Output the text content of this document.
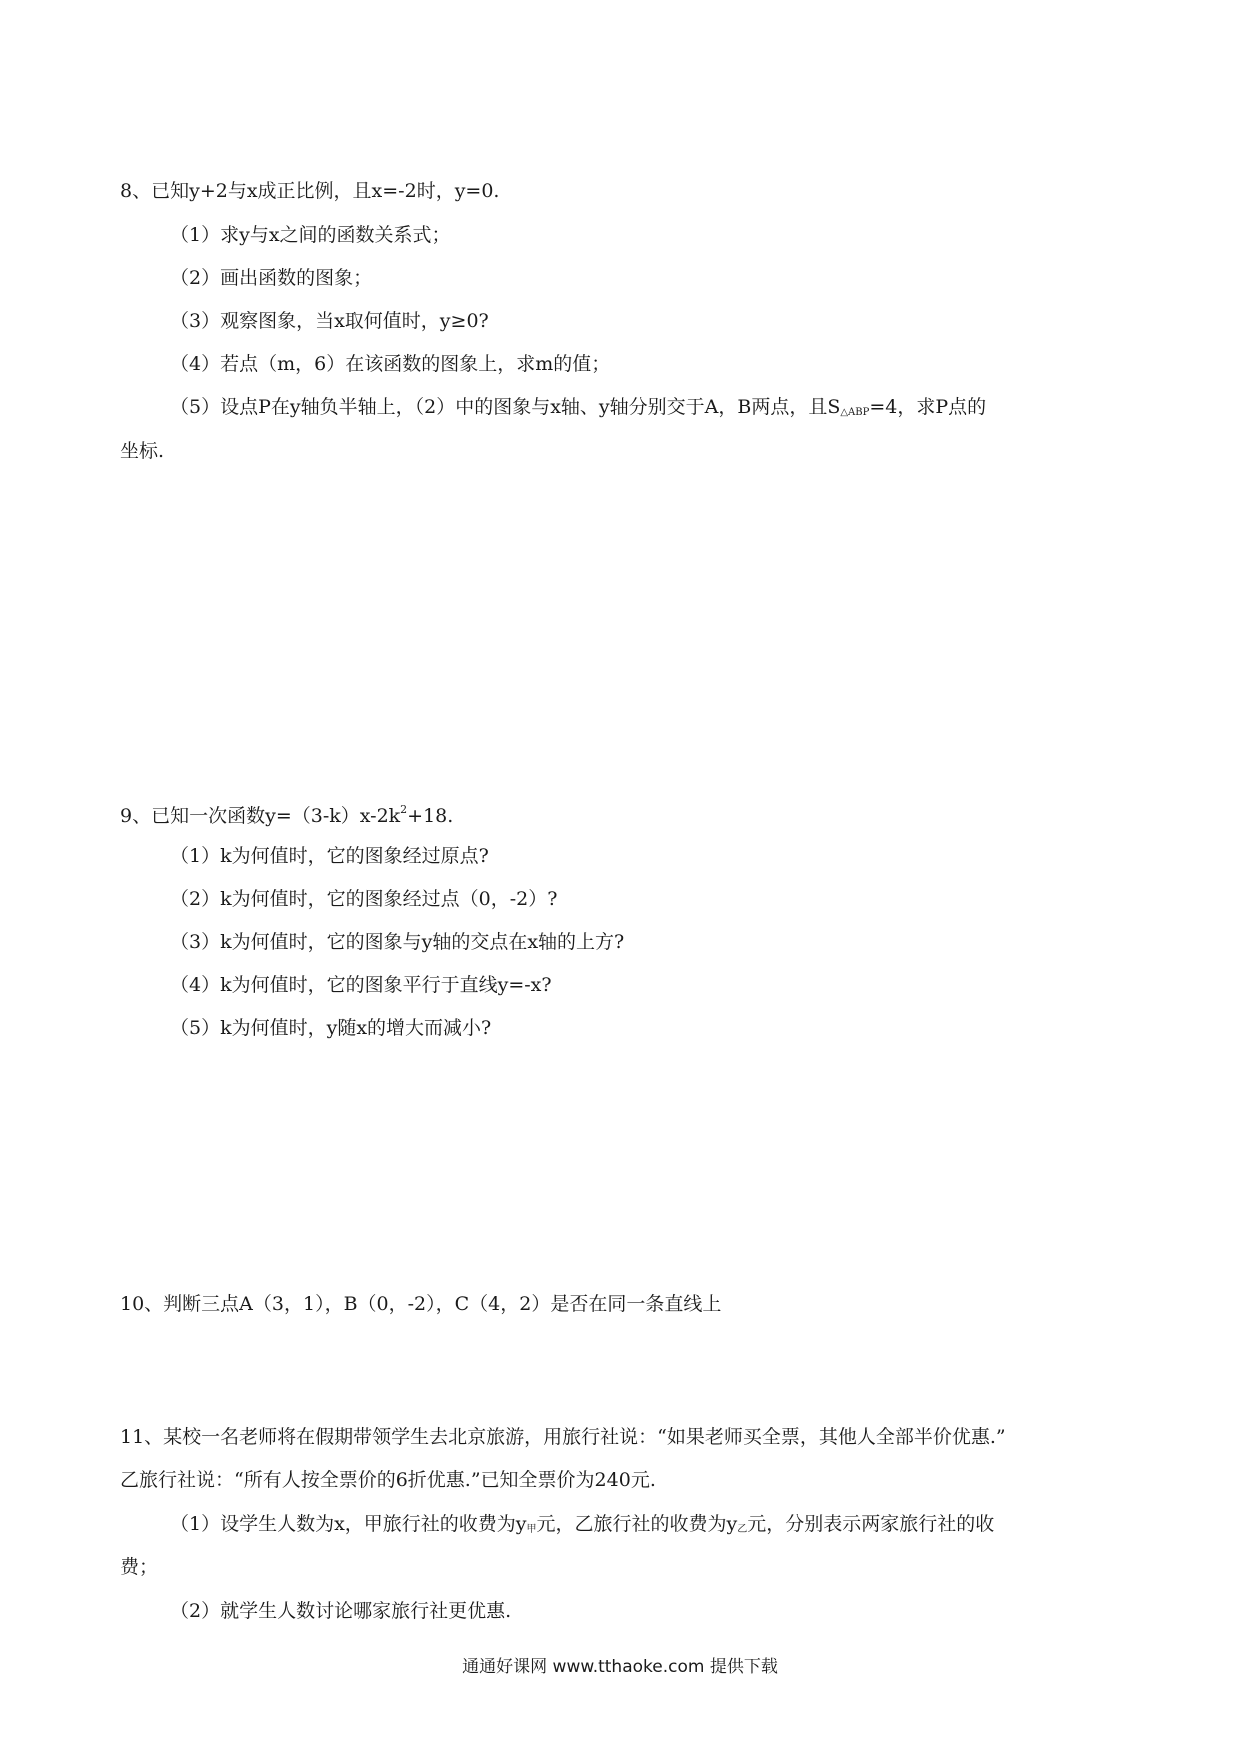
8、已知y+2与x成正比例，且x=-2时，y=0.
（1）求y与x之间的函数关系式；
（2）画出函数的图象；
（3）观察图象，当x取何值时，y≥0?
（4）若点（m，6）在该函数的图象上，求m的值；
（5）设点P在y轴负半轴上，（2）中的图象与x轴、y轴分别交于A，B两点，且$S_{\triangle ABP}=4$，求P点的
坐标.
9、已知一次函数$y=(3-k)x-2k^2+18$.
（1）k为何值时，它的图象经过原点?
（2）k为何值时，它的图象经过点（0，-2）?
（3）k为何值时，它的图象与y轴的交点在x轴的上方?
（4）k为何值时，它的图象平行于直线y=-x?
（5）k为何值时，y随x的增大而减小?
10、判断三点A（3，1），B（0，-2），C（4，2）是否在同一条直线上
11、某校一名老师将在假期带领学生去北京旅游，用旅行社说：“如果老师买全票，其他人全部半价优惠.”
乙旅行社说：“所有人按全票价的6折优惠.”已知全票价为240元.
（1）设学生人数为x，甲旅行社的收费为$y_甲$元，乙旅行社的收费为$y_乙$元，分别表示两家旅行社的收
费；
（2）就学生人数讨论哪家旅行社更优惠.
通通好课网 www.tthaoke.com 提供下载
